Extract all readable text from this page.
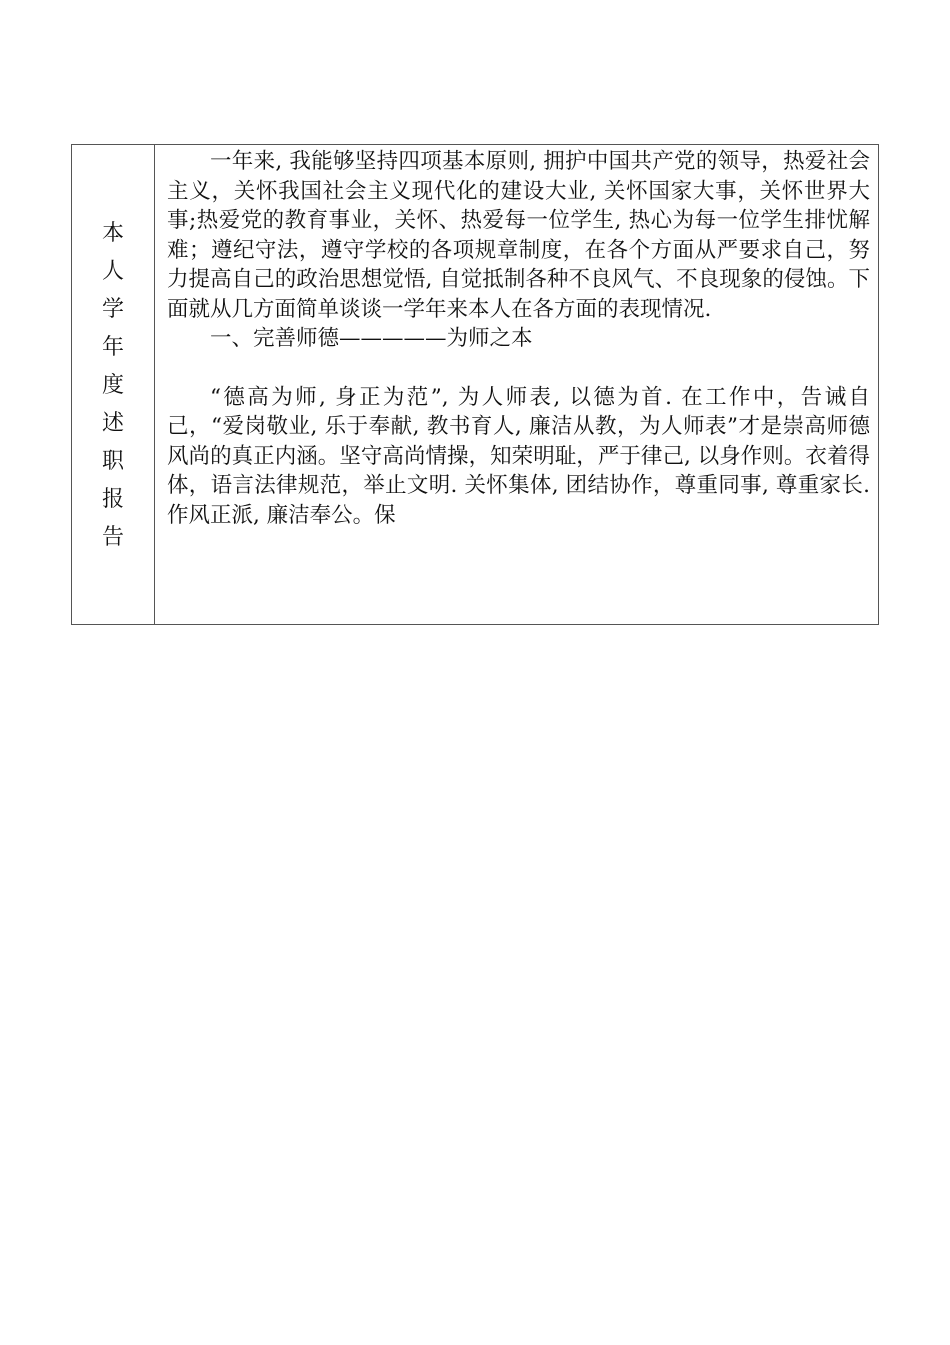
本
人
学
年
度
述
职
报
告

一年来, 我能够坚持四项基本原则, 拥护中国共产党的领导，热爱社会主义，关怀我国社会主义现代化的建设大业, 关怀国家大事，关怀世界大事;热爱党的教育事业，关怀、热爱每一位学生, 热心为每一位学生排忧解难；遵纪守法，遵守学校的各项规章制度，在各个方面从严要求自己，努力提高自己的政治思想觉悟, 自觉抵制各种不良风气、不良现象的侵蚀。下面就从几方面简单谈谈一学年来本人在各方面的表现情况.

一、完善师德—————为师之本

“德高为师, 身正为范”, 为人师表, 以德为首. 在工作中，告诫自己，“爱岗敬业, 乐于奉献, 教书育人, 廉洁从教，为人师表”才是崇高师德风尚的真正内涵。坚守高尚情操，知荣明耻，严于律己, 以身作则。衣着得体，语言法律规范，举止文明. 关怀集体, 团结协作，尊重同事, 尊重家长. 作风正派, 廉洁奉公。保
